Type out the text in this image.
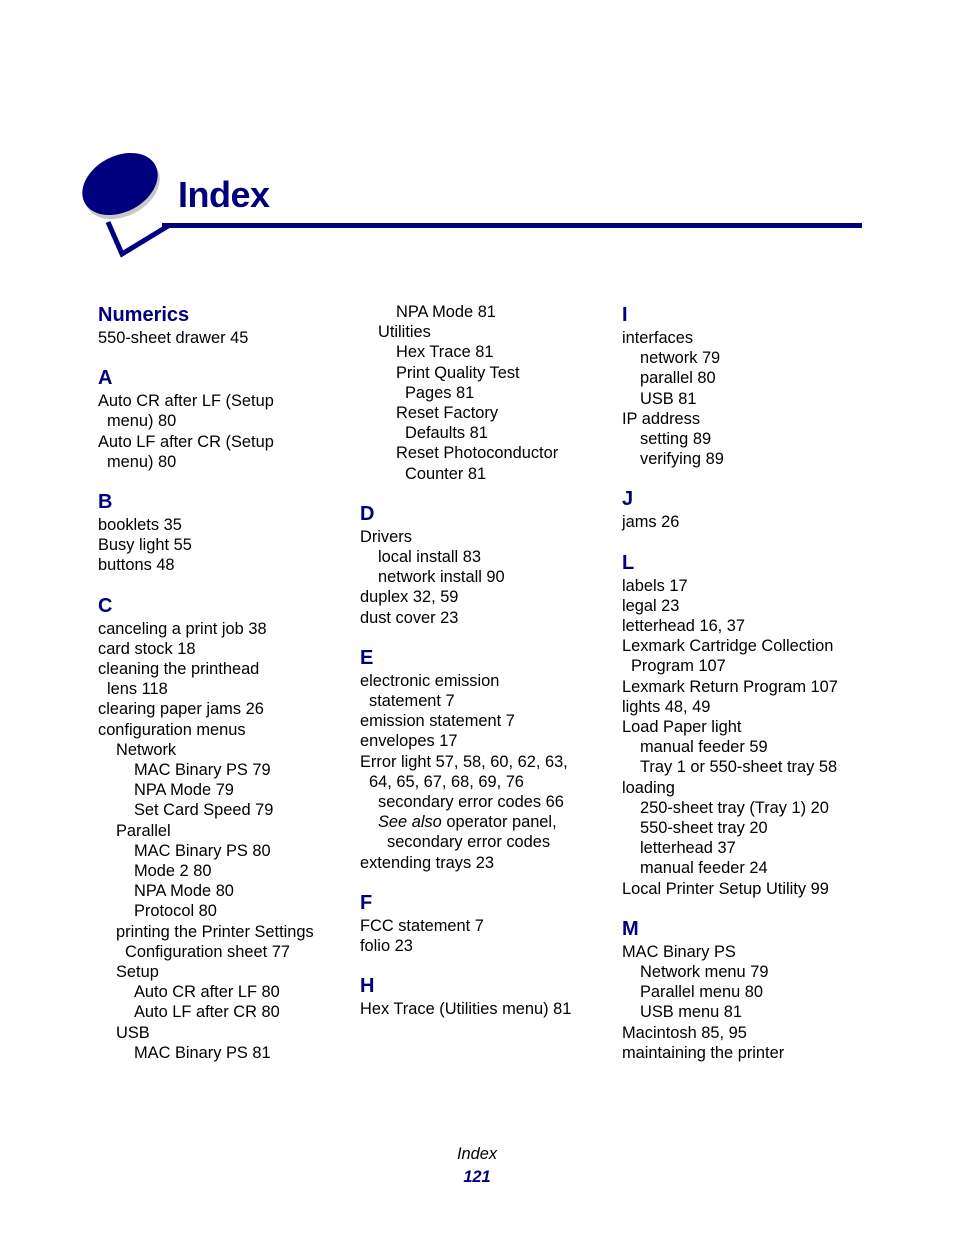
Index
Numerics
550-sheet drawer 45
A
Auto CR after LF (Setup
menu) 80
Auto LF after CR (Setup
menu) 80
B
booklets 35
Busy light 55
buttons 48
C
canceling a print job 38
card stock 18
cleaning the printhead
lens 118
clearing paper jams 26
configuration menus
Network
MAC Binary PS 79
NPA Mode 79
Set Card Speed 79
Parallel
MAC Binary PS 80
Mode 2 80
NPA Mode 80
Protocol 80
printing the Printer Settings
Configuration sheet 77
Setup
Auto CR after LF 80
Auto LF after CR 80
USB
MAC Binary PS 81
NPA Mode 81
Utilities
Hex Trace 81
Print Quality Test
Pages 81
Reset Factory
Defaults 81
Reset Photoconductor
Counter 81
D
Drivers
local install 83
network install 90
duplex 32, 59
dust cover 23
E
electronic emission
statement 7
emission statement 7
envelopes 17
Error light 57, 58, 60, 62, 63,
64, 65, 67, 68, 69, 76
secondary error codes 66
See also operator panel,
secondary error codes
extending trays 23
F
FCC statement 7
folio 23
H
Hex Trace (Utilities menu) 81
I
interfaces
network 79
parallel 80
USB 81
IP address
setting 89
verifying 89
J
jams 26
L
labels 17
legal 23
letterhead 16, 37
Lexmark Cartridge Collection
Program 107
Lexmark Return Program 107
lights 48, 49
Load Paper light
manual feeder 59
Tray 1 or 550-sheet tray 58
loading
250-sheet tray (Tray 1) 20
550-sheet tray 20
letterhead 37
manual feeder 24
Local Printer Setup Utility 99
M
MAC Binary PS
Network menu 79
Parallel menu 80
USB menu 81
Macintosh 85, 95
maintaining the printer
Index
121
